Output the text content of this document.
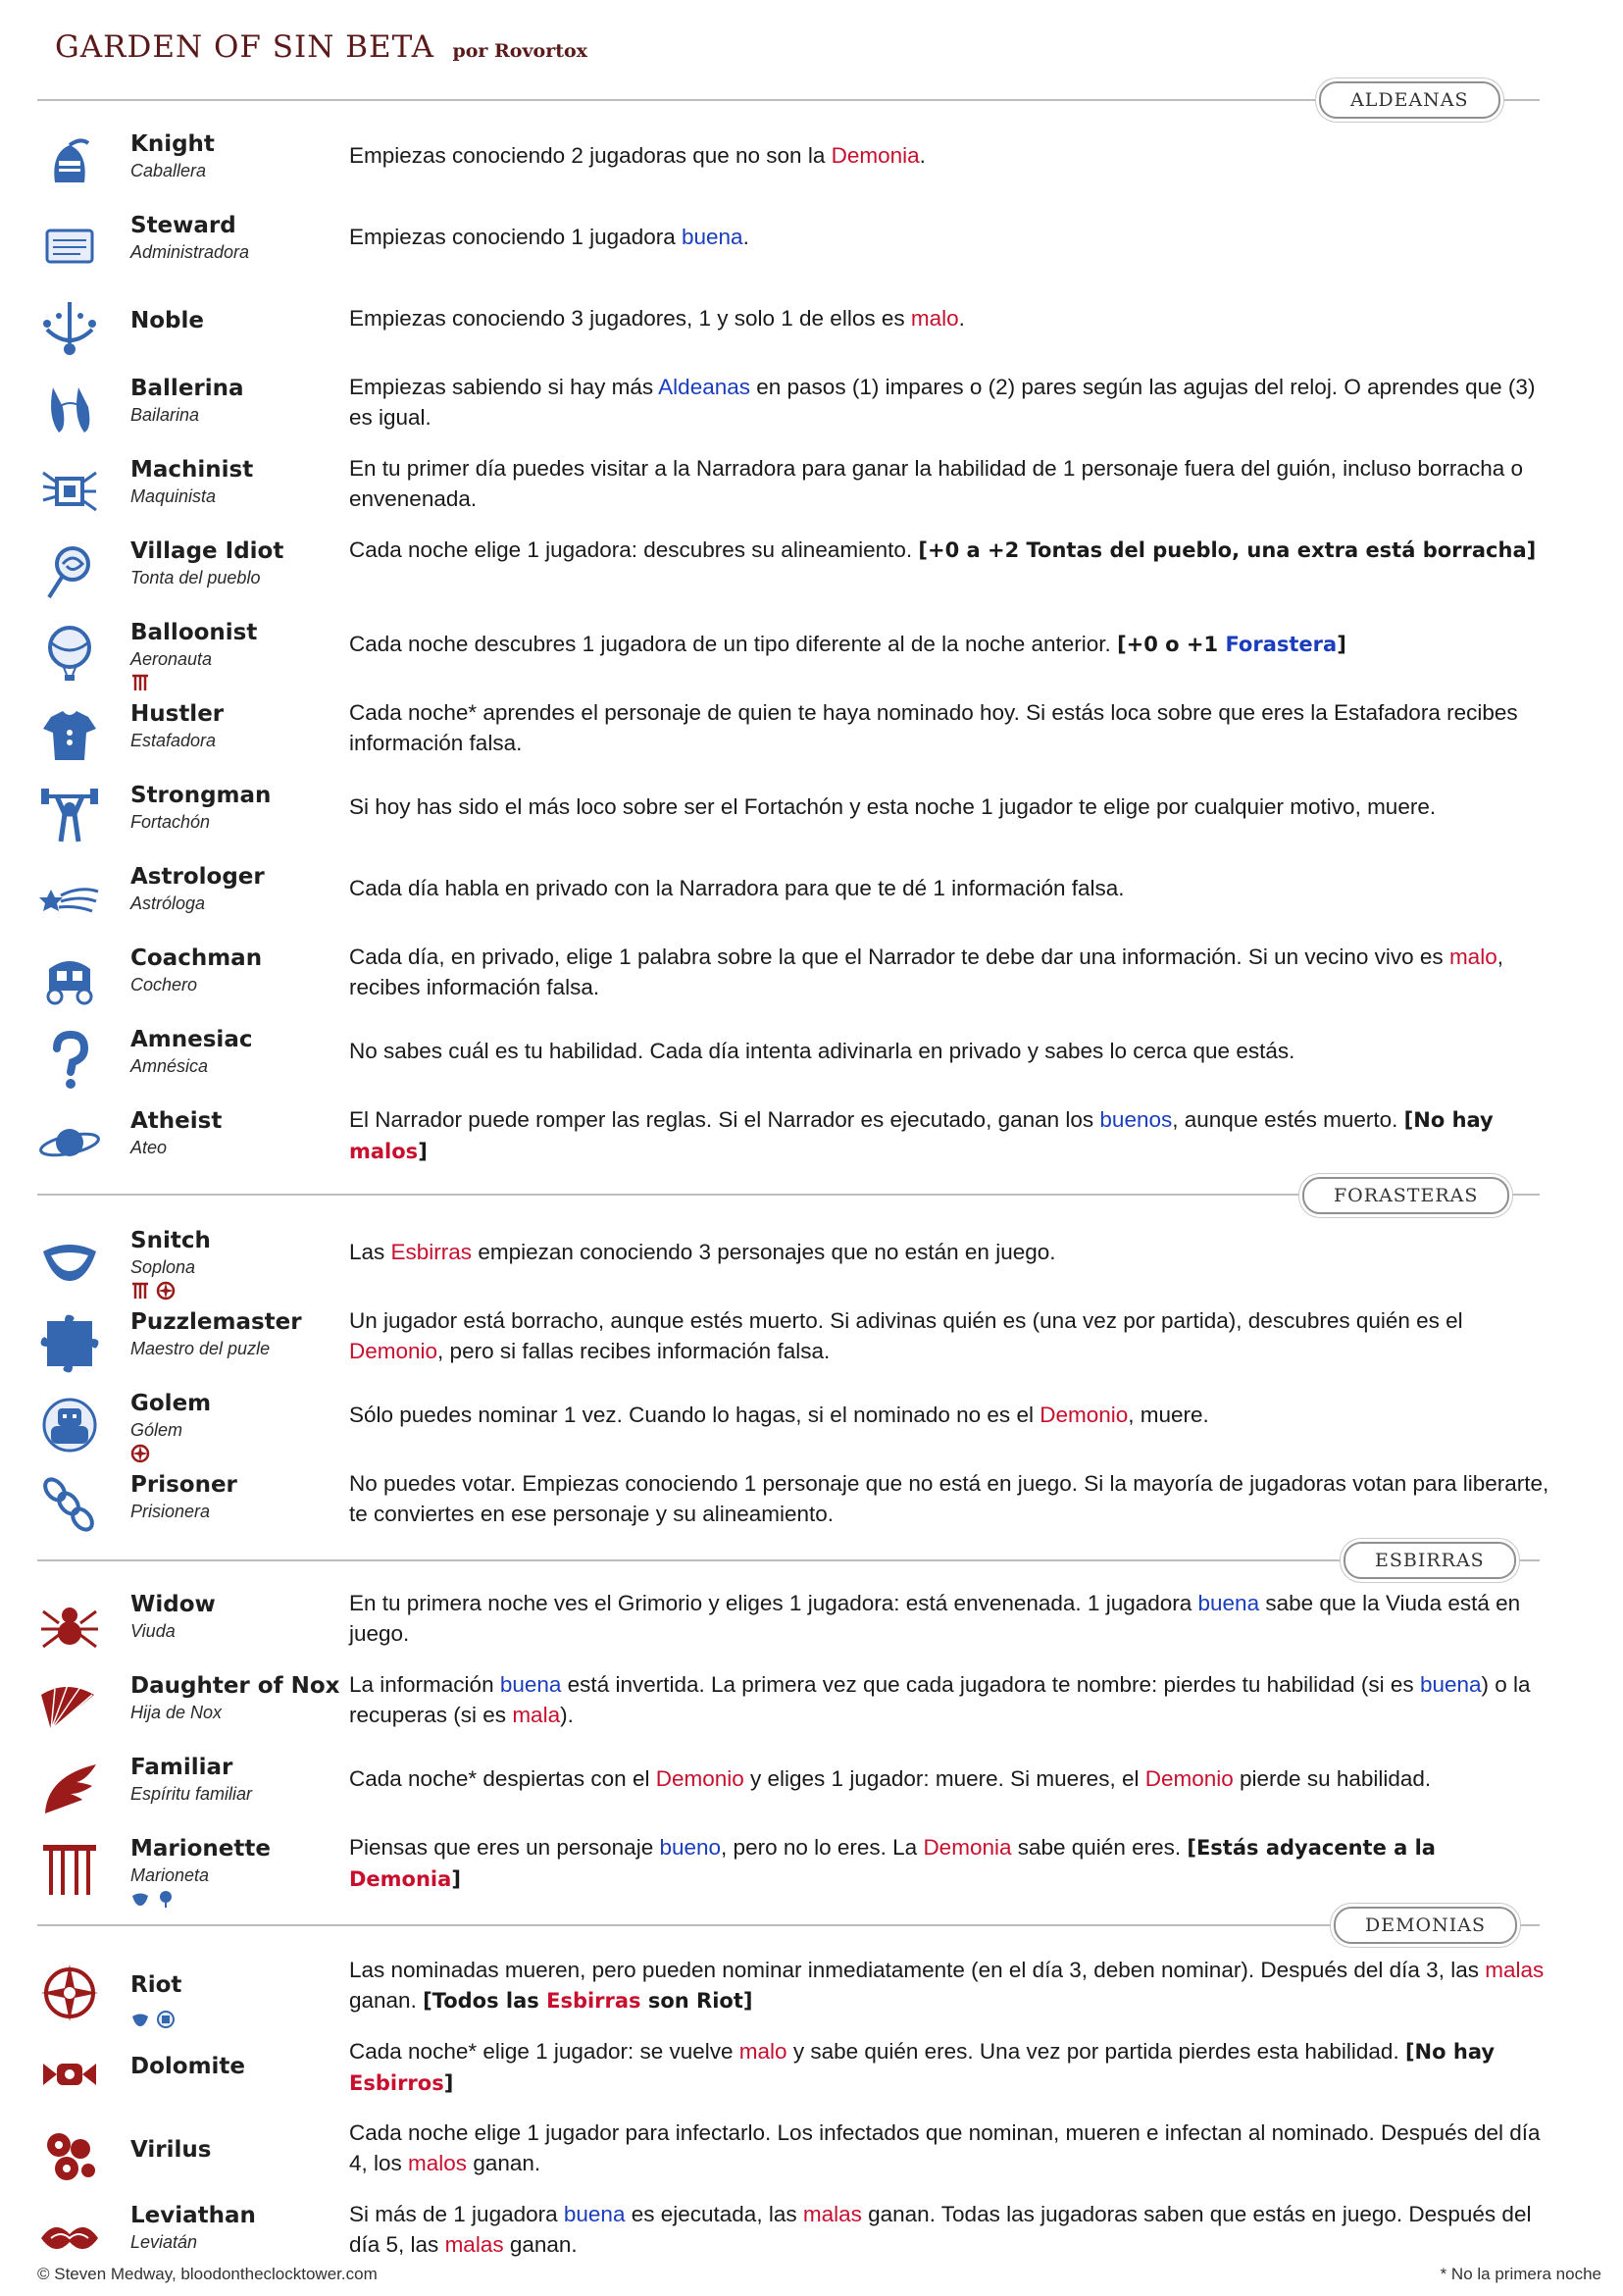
GARDEN OF SIN BETA por Rovortox
ALDEANAS
Knight
Caballera
Empiezas conociendo 2 jugadoras que no son la Demonia.
Steward
Administradora
Empiezas conociendo 1 jugadora buena.
Noble	Empiezas conociendo 3 jugadores, 1 y solo 1 de ellos es malo.
Ballerina
Bailarina
Empiezas sabiendo si hay más Aldeanas en pasos (1) impares o (2) pares según las agujas del reloj. O aprendes que (3) es igual.
Machinist
Maquinista
En tu primer día puedes visitar a la Narradora para ganar la habilidad de 1 personaje fuera del guión, incluso borracha o envenenada.
Village Idiot
Tonta del pueblo
Cada noche elige 1 jugadora: descubres su alineamiento. [+0 a +2 Tontas del pueblo, una extra está borracha]
Balloonist
Aeronauta
Cada noche descubres 1 jugadora de un tipo diferente al de la noche anterior. [+0 o +1 Forastera]
Hustler
Estafadora
Cada noche* aprendes el personaje de quien te haya nominado hoy. Si estás loca sobre que eres la Estafadora recibes información falsa.
Strongman
Fortachón
Si hoy has sido el más loco sobre ser el Fortachón y esta noche 1 jugador te elige por cualquier motivo, muere.
Astrologer
Astróloga
Cada día habla en privado con la Narradora para que te dé 1 información falsa.
Coachman
Cochero
Cada día, en privado, elige 1 palabra sobre la que el Narrador te debe dar una información. Si un vecino vivo es malo, recibes información falsa.
Amnesiac
Amnésica
No sabes cuál es tu habilidad. Cada día intenta adivinarla en privado y sabes lo cerca que estás.
Atheist
Ateo
El Narrador puede romper las reglas. Si el Narrador es ejecutado, ganan los buenos, aunque estés muerto. [No hay malos]
FORASTERAS
Snitch
Soplona
Las Esbirras empiezan conociendo 3 personajes que no están en juego.
Puzzlemaster
Maestro del puzle
Un jugador está borracho, aunque estés muerto. Si adivinas quién es (una vez por partida), descubres quién es el Demonio, pero si fallas recibes información falsa.
Golem
Gólem
Sólo puedes nominar 1 vez. Cuando lo hagas, si el nominado no es el Demonio, muere.
Prisoner
Prisionera
No puedes votar. Empiezas conociendo 1 personaje que no está en juego. Si la mayoría de jugadoras votan para liberarte, te conviertes en ese personaje y su alineamiento.
ESBIRRAS
Widow
Viuda
En tu primera noche ves el Grimorio y eliges 1 jugadora: está envenenada. 1 jugadora buena sabe que la Viuda está en juego.
Daughter of Nox
Hija de Nox
La información buena está invertida. La primera vez que cada jugadora te nombre: pierdes tu habilidad (si es buena) o la recuperas (si es mala).
Familiar
Espíritu familiar
Cada noche* despiertas con el Demonio y eliges 1 jugador: muere. Si mueres, el Demonio pierde su habilidad.
Marionette
Marioneta
Piensas que eres un personaje bueno, pero no lo eres. La Demonia sabe quién eres. [Estás adyacente a la Demonia]
DEMONIAS
Riot
Las nominadas mueren, pero pueden nominar inmediatamente (en el día 3, deben nominar). Después del día 3, las malas ganan. [Todos las Esbirras son Riot]
Dolomite
Cada noche* elige 1 jugador: se vuelve malo y sabe quién eres. Una vez por partida pierdes esta habilidad. [No hay Esbirros]
Virilus
Cada noche elige 1 jugador para infectarlo. Los infectados que nominan, mueren e infectan al nominado. Después del día 4, los malos ganan.
Leviathan
Leviatán
Si más de 1 jugadora buena es ejecutada, las malas ganan. Todas las jugadoras saben que estás en juego. Después del día 5, las malas ganan.
© Steven Medway, bloodontheclocktower.com	* No la primera noche
